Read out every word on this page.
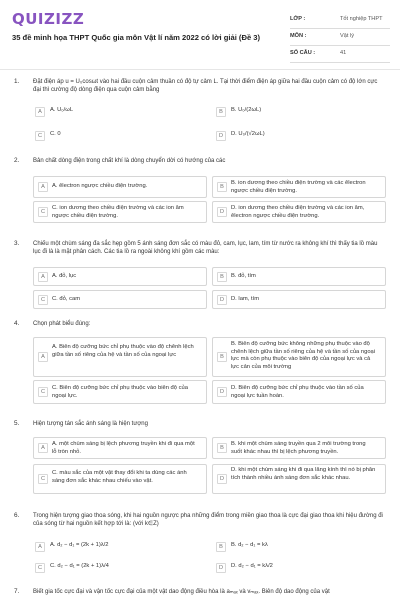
QUIZIZZ
35 đề minh họa THPT Quốc gia môn Vật lí năm 2022 có lời giải (Đề 3)
LỚP :	Tốt nghiệp THPT
MÔN :	Vật lý
SỐ CÂU :	41
1. Đặt điện áp u = U₀cosωt vào hai đầu cuộn cảm thuần có độ tự cảm L. Tại thời điểm điện áp giữa hai đầu cuộn cảm có độ lớn cực đại thì cường độ dòng điện qua cuộn cảm bằng
A	A. U₀/ωL	B	B. U₀/(2ωL)
C	C. 0	D	D. U₀/(√2ωL)
2. Bản chất dòng điện trong chất khí là dòng chuyển dời có hướng của các
A	A. êlectron ngược chiều điện trường.	B
B. ion dương theo chiều điện trường và các êlectron ngược chiều điện trường.
C
C. ion dương theo chiều điện trường và các ion âm ngược chiều điện trường.
D
D. ion dương theo chiều điện trường và các ion âm, êlectron ngược chiều điện trường.
3. Chiếu một chùm sáng đa sắc hẹp gồm 5 ánh sáng đơn sắc có màu đỏ, cam, lục, lam, tím từ nước ra không khí thì thấy tia lồ màu lục đi là là mặt phân cách. Các tia lồ ra ngoài không khí gồm các màu:
A	A. đỏ, lục	B	B. đỏ, tím
C	C. đỏ, cam	D	D. lam, tím
4. Chọn phát biểu đúng:
A
A. Biên độ cưỡng bức chỉ phụ thuộc vào độ chênh lệch giữa tần số riêng của hệ và tần số của ngoại lực	B
B. Biên độ cưỡng bức không những phụ thuộc vào độ chênh lệch giữa tần số riêng của hệ và tần số của ngoại lực mà còn phụ thuộc vào biên độ của ngoại lực và cả lực cản của môi trường
C
C. Biên độ cưỡng bức chỉ phụ thuộc vào biên độ của ngoại lực.
D
D. Biên độ cưỡng bức chỉ phụ thuộc vào tần số của ngoại lực tuần hoàn.
5. Hiện tượng tán sắc ánh sáng là hiện tượng
A
A. một chùm sáng bị lệch phương truyền khi đi qua một lỗ tròn nhỏ.
B
B. khi một chùm sáng truyền qua 2 môi trường trong suốt khác nhau thì bị lệch phương truyền.
C
C. màu sắc của một vật thay đổi khi ta dùng các ánh sáng đơn sắc khác nhau chiếu vào vật.	D
D. khi một chùm sáng khi đi qua lăng kính thì nó bị phân tích thành nhiều ánh sáng đơn sắc khác nhau.
6. Trong hiện tượng giao thoa sóng, khi hai nguồn ngược pha những điểm trong miền giao thoa là cực đại giao thoa khi hiệu đường đi của sóng từ hai nguồn kết hợp tới là: (với k∈Z)
A	A. d₂ − d₁ = (2k + 1)λ/2	B	B. d₂ − d₁ = kλ
C	C. d₂ − d₁ = (2k + 1)λ/4	D	D. d₂ − d₁ = kλ/2
7. Biết gia tốc cực đại và vận tốc cực đại của một vật dao động điều hòa là aₘₐₓ và vₘₐₓ. Biên độ dao động của vật
